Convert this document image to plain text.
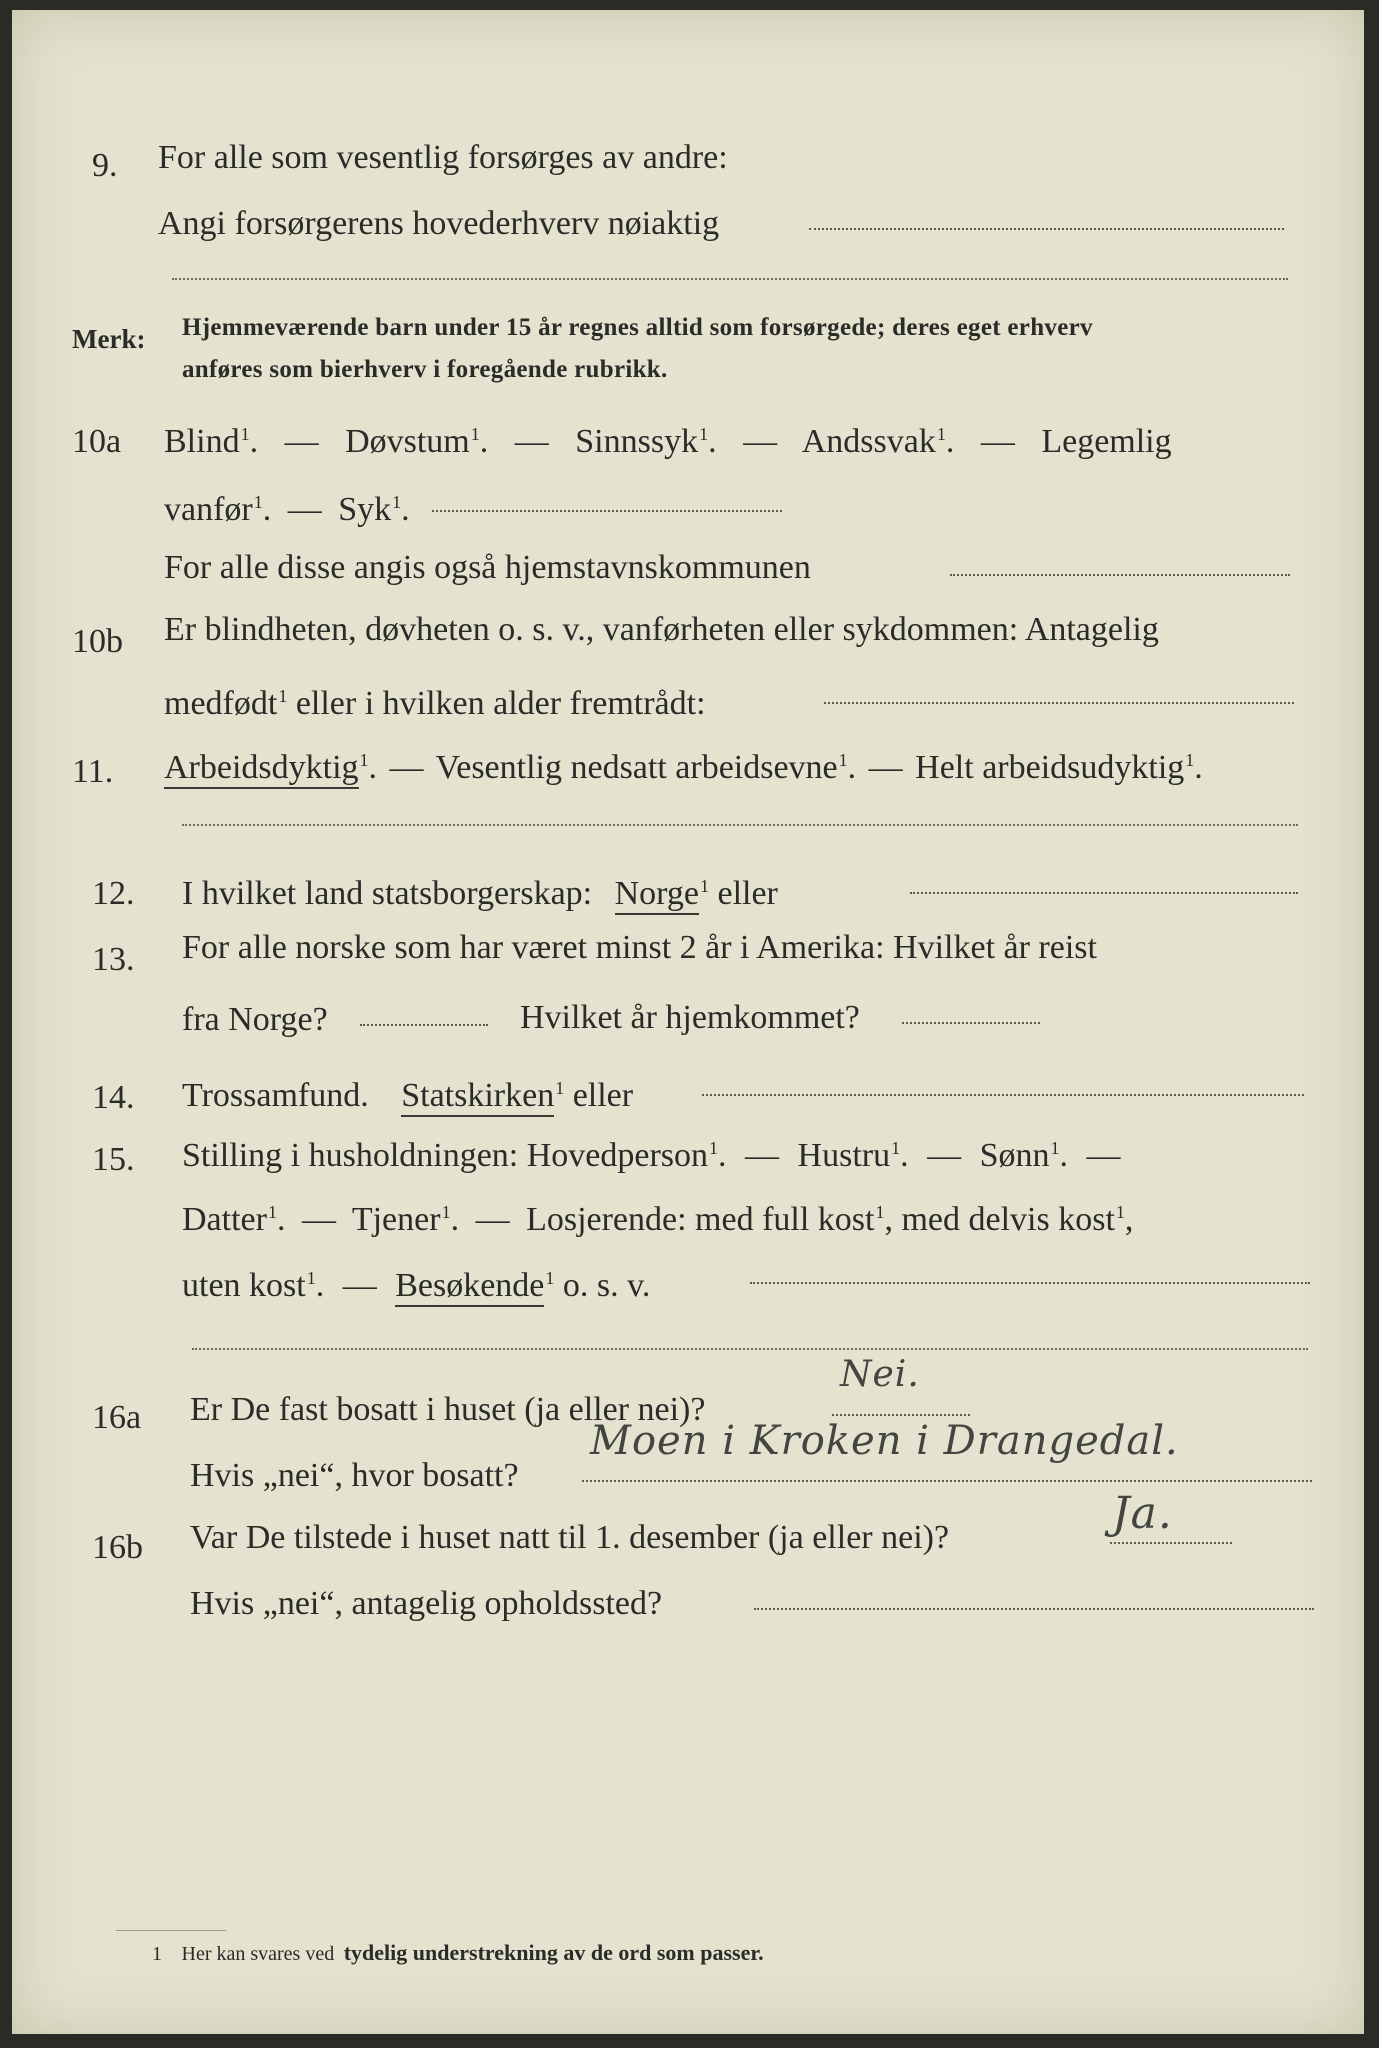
9. For alle som vesentlig forsørges av andre:
Angi forsørgerens hovederhverv nøiaktig
Merk: Hjemmeværende barn under 15 år regnes alltid som forsørgede; deres eget erhverv
anføres som bierhverv i foregående rubrikk.
10a Blind$^1$. — Døvstum$^1$. — Sinnssyk$^1$. — Andssvak$^1$. — Legemlig
vanfør$^1$. — Syk$^1$.
For alle disse angis også hjemstavnskommunen
10b Er blindheten, døvheten o. s. v., vanførheten eller sykdommen: Antagelig
medfødt$^1$ eller i hvilken alder fremtrådt:
11. Arbeidsdyktig$^1$. — Vesentlig nedsatt arbeidsevne$^1$. — Helt arbeidsudyktig$^1$.
12. I hvilket land statsborgerskap: Norge$^1$ eller
13. For alle norske som har været minst 2 år i Amerika: Hvilket år reist
fra Norge?	Hvilket år hjemkommet?
14. Trossamfund. Statskirken$^1$ eller
15. Stilling i husholdningen: Hovedperson$^1$. — Hustru$^1$. — Sønn$^1$. —
Datter$^1$. — Tjener$^1$. — Losjerende: med full kost$^1$, med delvis kost$^1$,
uten kost$^1$. — Besøkende$^1$ o. s. v.
16a Er De fast bosatt i huset (ja eller nei)?
Nei.
Hvis „nei“, hvor bosatt?
Moen i Kroken i Drangedal.
16b Var De tilstede i huset natt til 1. desember (ja eller nei)?	Ja.
Hvis „nei“, antagelig opholdssted?
1 Her kan svares ved tydelig understrekning av de ord som passer.
